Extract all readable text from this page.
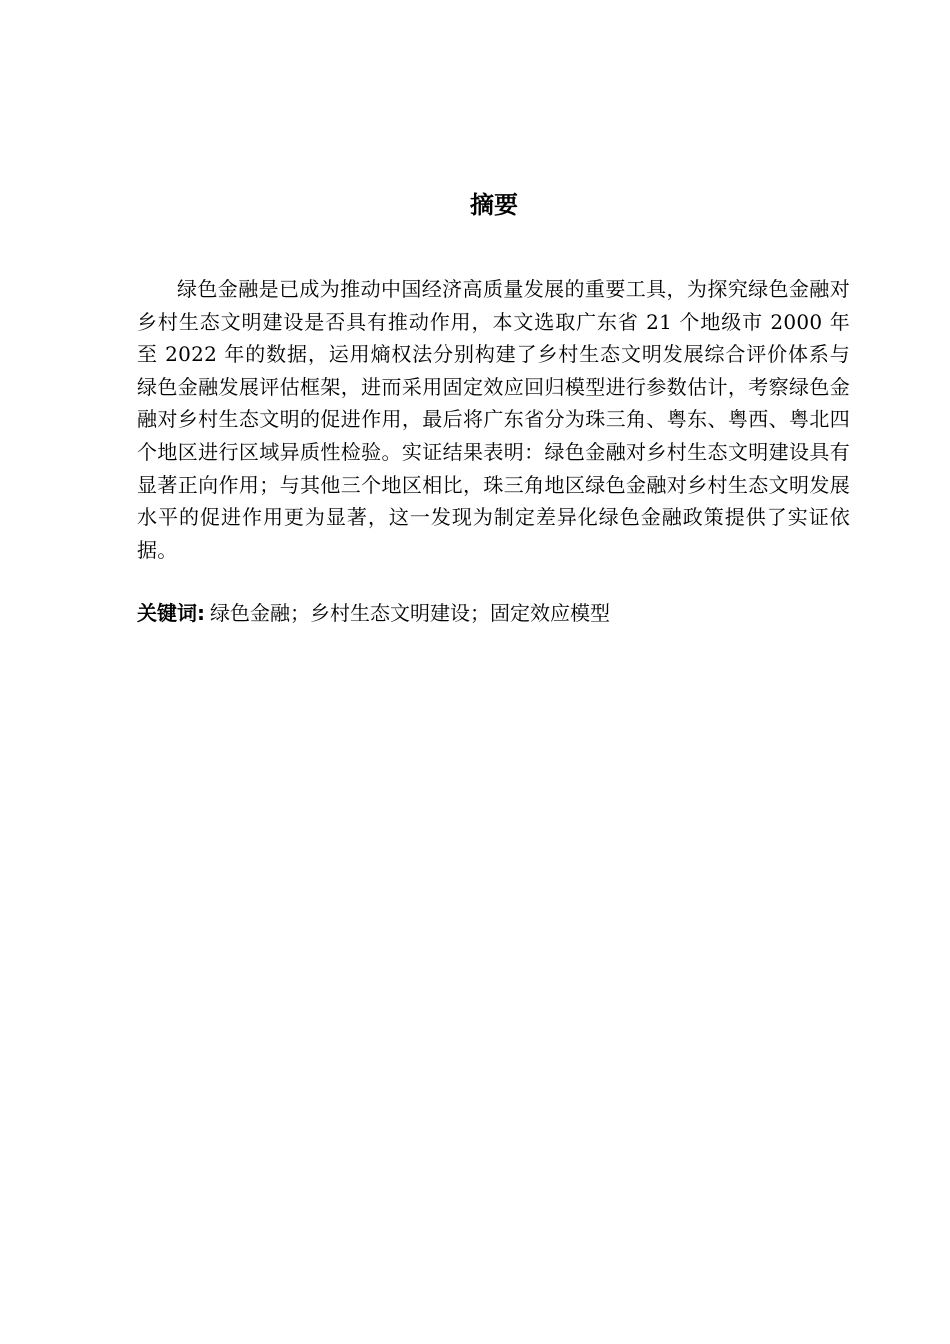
摘要

绿色金融是已成为推动中国经济高质量发展的重要工具，为探究绿色金融对乡村生态文明建设是否具有推动作用，本文选取广东省 21 个地级市 2000 年至 2022 年的数据，运用熵权法分别构建了乡村生态文明发展综合评价体系与绿色金融发展评估框架，进而采用固定效应回归模型进行参数估计，考察绿色金融对乡村生态文明的促进作用，最后将广东省分为珠三角、粤东、粤西、粤北四个地区进行区域异质性检验。实证结果表明：绿色金融对乡村生态文明建设具有显著正向作用；与其他三个地区相比，珠三角地区绿色金融对乡村生态文明发展水平的促进作用更为显著，这一发现为制定差异化绿色金融政策提供了实证依据。

关键词: 绿色金融；乡村生态文明建设；固定效应模型
